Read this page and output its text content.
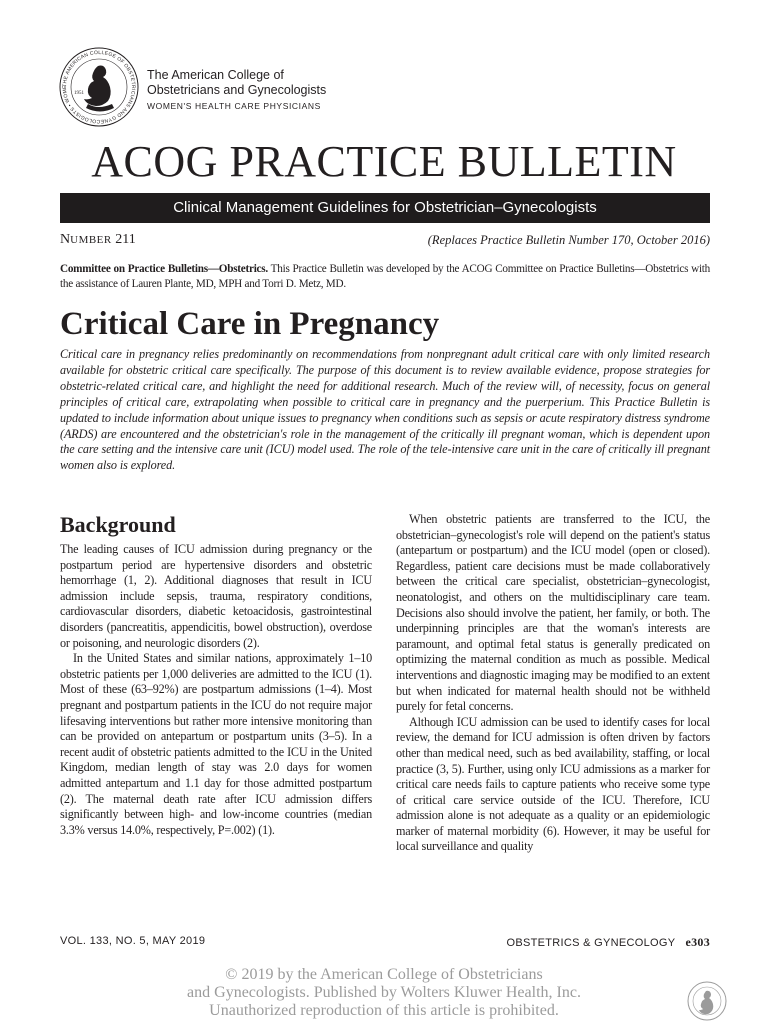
THE AMERICAN COLLEGE OF OBSTETRICIANS AND GYNECOLOGISTS • WOME
1951
The American College of
Obstetricians and Gynecologists
WOMEN'S HEALTH CARE PHYSICIANS
ACOG PRACTICE BULLETIN
Clinical Management Guidelines for Obstetrician–Gynecologists
NUMBER 211	(Replaces Practice Bulletin Number 170, October 2016)
Committee on Practice Bulletins—Obstetrics. This Practice Bulletin was developed by the ACOG Committee on Practice Bulletins—Obstetrics with the assistance of Lauren Plante, MD, MPH and Torri D. Metz, MD.
Critical Care in Pregnancy
Critical care in pregnancy relies predominantly on recommendations from nonpregnant adult critical care with only limited research available for obstetric critical care specifically. The purpose of this document is to review available evidence, propose strategies for obstetric-related critical care, and highlight the need for additional research. Much of the review will, of necessity, focus on general principles of critical care, extrapolating when possible to critical care in pregnancy and the puerperium. This Practice Bulletin is updated to include information about unique issues to pregnancy when conditions such as sepsis or acute respiratory distress syndrome (ARDS) are encountered and the obstetrician's role in the management of the critically ill pregnant woman, which is dependent upon the care setting and the intensive care unit (ICU) model used. The role of the tele-intensive care unit in the care of critically ill pregnant women also is explored.
Background

The leading causes of ICU admission during pregnancy or the postpartum period are hypertensive disorders and obstetric hemorrhage (1, 2). Additional diagnoses that result in ICU admission include sepsis, trauma, respiratory conditions, cardiovascular disorders, diabetic ketoacidosis, gastrointestinal disorders (pancreatitis, appendicitis, bowel obstruction), overdose or poisoning, and neurologic disorders (2).

In the United States and similar nations, approximately 1–10 obstetric patients per 1,000 deliveries are admitted to the ICU (1). Most of these (63–92%) are postpartum admissions (1–4). Most pregnant and postpartum patients in the ICU do not require major lifesaving interventions but rather more intensive monitoring than can be provided on antepartum or postpartum units (3–5). In a recent audit of obstetric patients admitted to the ICU in the United Kingdom, median length of stay was 2.0 days for women admitted antepartum and 1.1 day for those admitted postpartum (2). The maternal death rate after ICU admission differs significantly between high- and low-income countries (median 3.3% versus 14.0%, respectively, P=.002) (1).

When obstetric patients are transferred to the ICU, the obstetrician–gynecologist's role will depend on the patient's status (antepartum or postpartum) and the ICU model (open or closed). Regardless, patient care decisions must be made collaboratively between the critical care specialist, obstetrician–gynecologist, neonatologist, and others on the multidisciplinary care team. Decisions also should involve the patient, her family, or both. The underpinning principles are that the woman's interests are paramount, and optimal fetal status is generally predicated on optimizing the maternal condition as much as possible. Medical interventions and diagnostic imaging may be modified to an extent but when indicated for maternal health should not be withheld purely for fetal concerns.

Although ICU admission can be used to identify cases for local review, the demand for ICU admission is often driven by factors other than medical need, such as bed availability, staffing, or local practice (3, 5). Further, using only ICU admissions as a marker for critical care needs fails to capture patients who receive some type of critical care service outside of the ICU. Therefore, ICU admission alone is not adequate as a quality or an epidemiologic marker of maternal morbidity (6). However, it may be useful for local surveillance and quality

VOL. 133, NO. 5, MAY 2019	OBSTETRICS & GYNECOLOGY e303
© 2019 by the American College of Obstetricians
and Gynecologists. Published by Wolters Kluwer Health, Inc.
Unauthorized reproduction of this article is prohibited.
